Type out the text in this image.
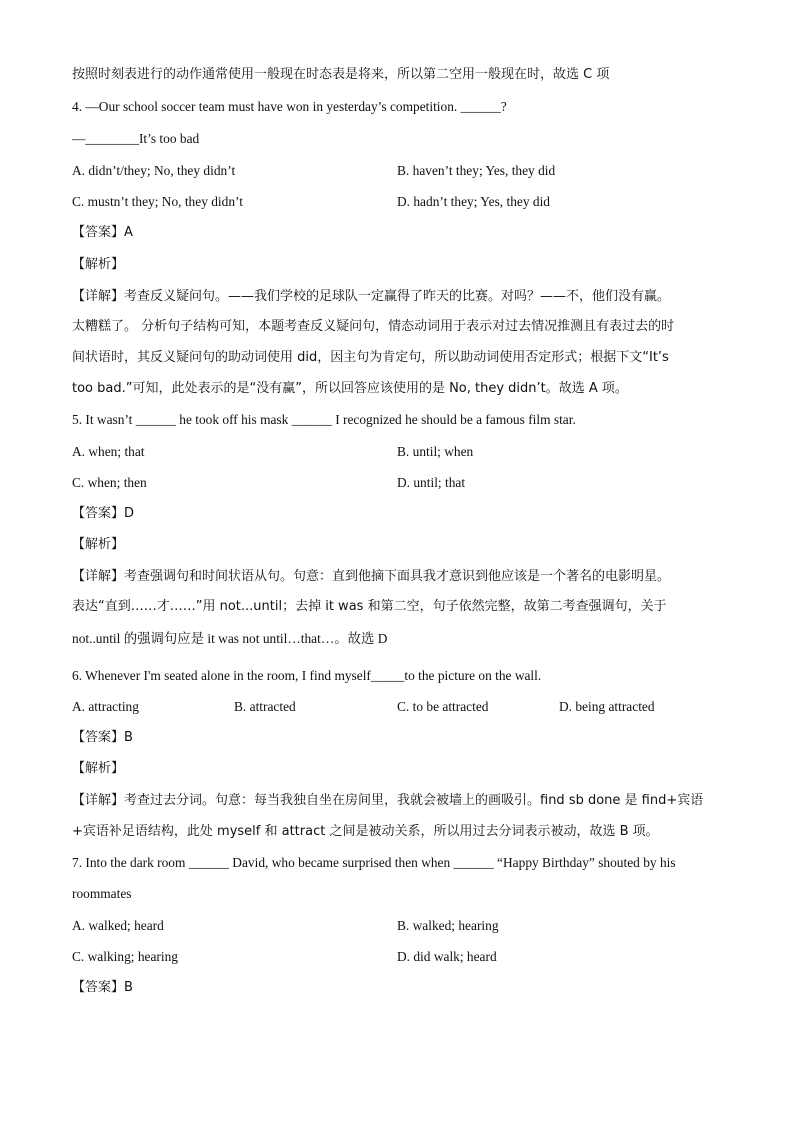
按照时刻表进行的动作通常使用一般现在时态表是将来，所以第二空用一般现在时，故选 C 项
4. —Our school soccer team must have won in yesterday’s competition. ______?
—________It’s too bad
A. didn’t/they; No, they didn’t	B. haven’t they; Yes, they did
C. mustn’t they; No, they didn’t	D. hadn’t they; Yes, they did
【答案】A
【解析】
【详解】考查反义疑问句。——我们学校的足球队一定赢得了昨天的比赛。对吗？——不，他们没有赢。
太糟糕了。 分析句子结构可知，本题考查反义疑问句，情态动词用于表示对过去情况推测且有表过去的时
间状语时，其反义疑问句的助动词使用 did，因主句为肯定句，所以助动词使用否定形式；根据下文“It’s
too bad.”可知，此处表示的是“没有赢”，所以回答应该使用的是 No, they didn’t。故选 A 项。
5. It wasn’t ______ he took off his mask ______ I recognized he should be a famous film star.
A. when; that	B. until; when
C. when; then	D. until; that
【答案】D
【解析】
【详解】考查强调句和时间状语从句。句意：直到他摘下面具我才意识到他应该是一个著名的电影明星。
表达“直到……才……”用 not...until；去掉 it was 和第二空，句子依然完整，故第二考查强调句，关于
not..until 的强调句应是 it was not until…that…。故选 D
6. Whenever I'm seated alone in the room, I find myself_____to the picture on the wall.
A. attracting	B. attracted	C. to be attracted	D. being attracted
【答案】B
【解析】
【详解】考查过去分词。句意：每当我独自坐在房间里，我就会被墙上的画吸引。find sb done 是 find+宾语
+宾语补足语结构，此处 myself 和 attract 之间是被动关系，所以用过去分词表示被动，故选 B 项。
7. Into the dark room ______ David, who became surprised then when ______ “Happy Birthday” shouted by his
roommates
A. walked; heard	B. walked; hearing
C. walking; hearing	D. did walk; heard
【答案】B
